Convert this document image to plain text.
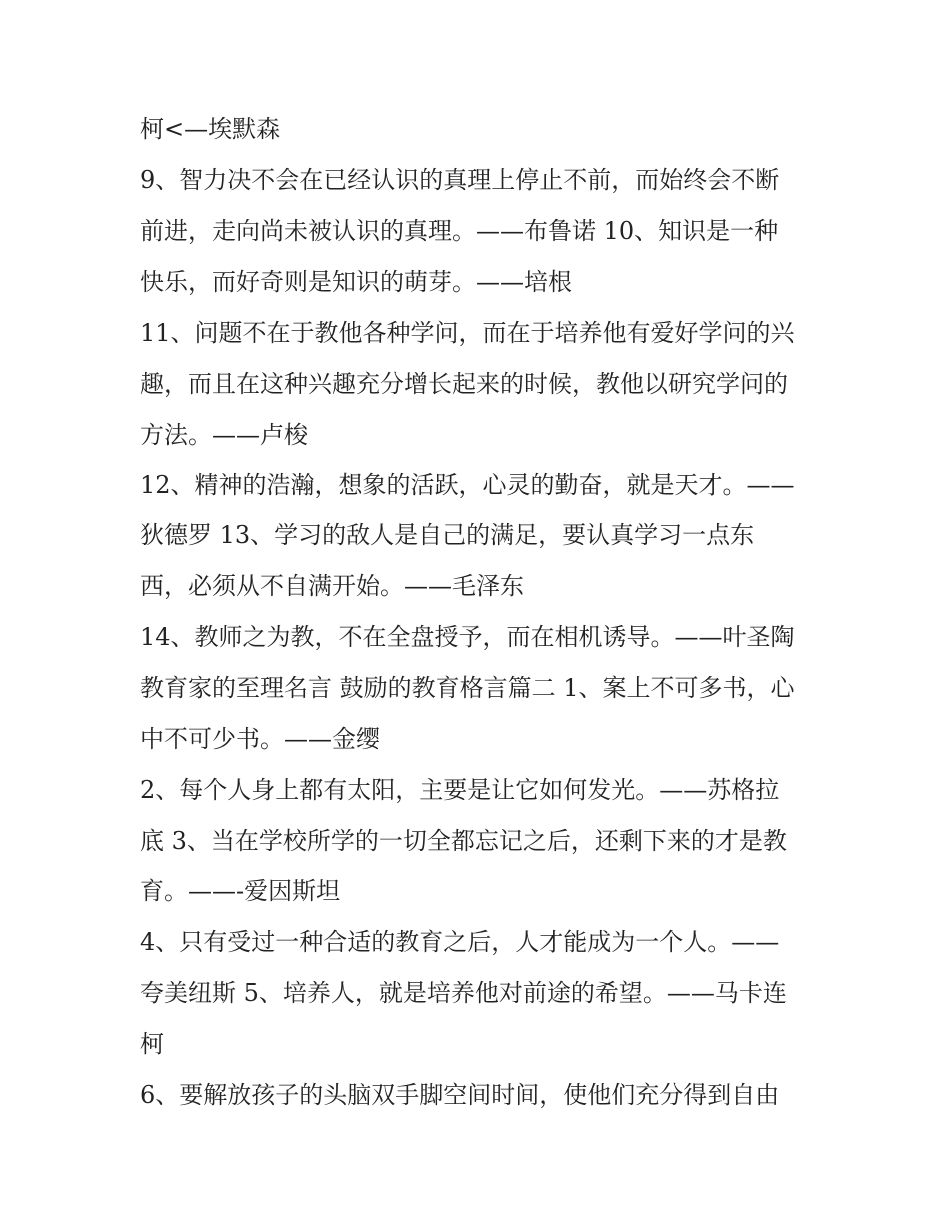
柯<—埃默森
9、智力决不会在已经认识的真理上停止不前，而始终会不断
前进，走向尚未被认识的真理。——布鲁诺 10、知识是一种
快乐，而好奇则是知识的萌芽。——培根
11、问题不在于教他各种学问，而在于培养他有爱好学问的兴
趣，而且在这种兴趣充分增长起来的时候，教他以研究学问的
方法。——卢梭
12、精神的浩瀚，想象的活跃，心灵的勤奋，就是天才。——
狄德罗 13、学习的敌人是自己的满足，要认真学习一点东
西，必须从不自满开始。——毛泽东
14、教师之为教，不在全盘授予，而在相机诱导。——叶圣陶
教育家的至理名言 鼓励的教育格言篇二 1、案上不可多书，心
中不可少书。——金缨
2、每个人身上都有太阳，主要是让它如何发光。——苏格拉
底 3、当在学校所学的一切全都忘记之后，还剩下来的才是教
育。——-爱因斯坦
4、只有受过一种合适的教育之后，人才能成为一个人。——
夸美纽斯 5、培养人，就是培养他对前途的希望。——马卡连
柯
6、要解放孩子的头脑双手脚空间时间，使他们充分得到自由
